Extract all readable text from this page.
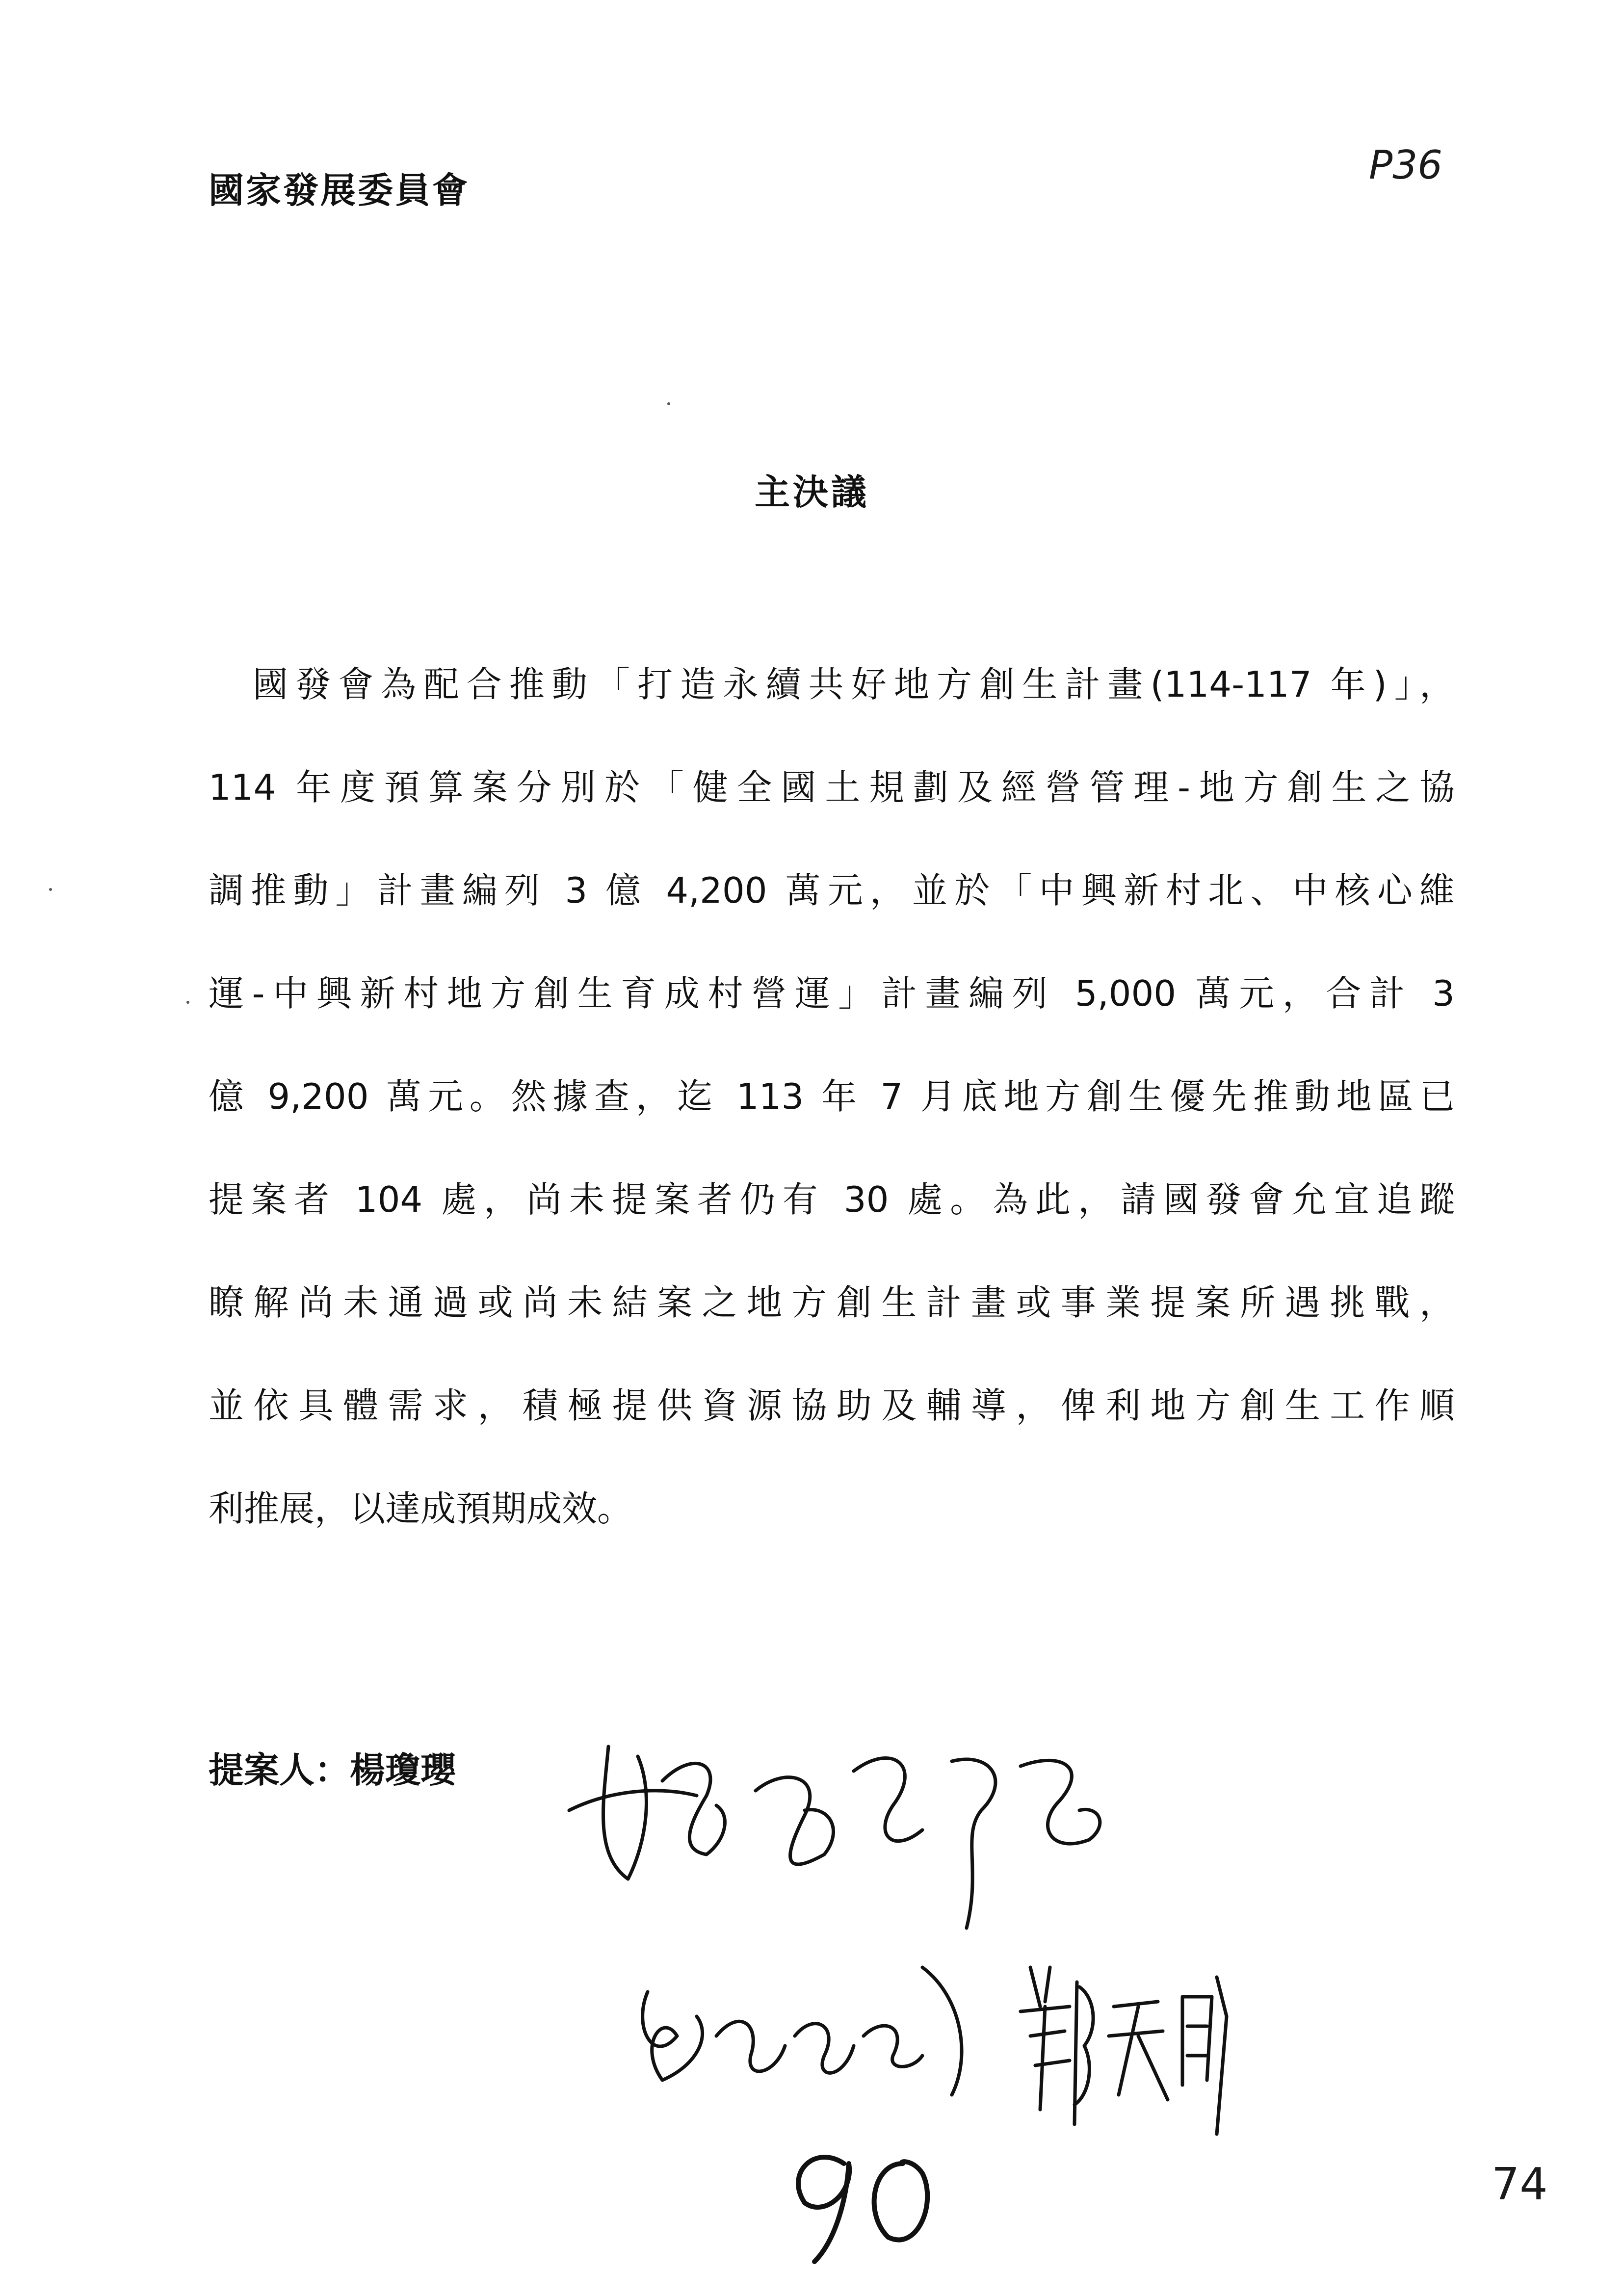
國家發展委員會
P36
主決議
國發會為配合推動「打造永續共好地方創生計畫(114-117 年)」，
114 年度預算案分別於「健全國土規劃及經營管理-地方創生之協
調推動」計畫編列 3 億 4,200 萬元，並於「中興新村北、中核心維
運-中興新村地方創生育成村營運」計畫編列 5,000 萬元，合計 3
億 9,200 萬元。然據查，迄 113 年 7 月底地方創生優先推動地區已
提案者 104 處，尚未提案者仍有 30 處。為此，請國發會允宜追蹤
瞭解尚未通過或尚未結案之地方創生計畫或事業提案所遇挑戰，
並依具體需求，積極提供資源協助及輔導，俾利地方創生工作順
利推展，以達成預期成效。
提案人：楊瓊瓔
鄭天財
90
74
